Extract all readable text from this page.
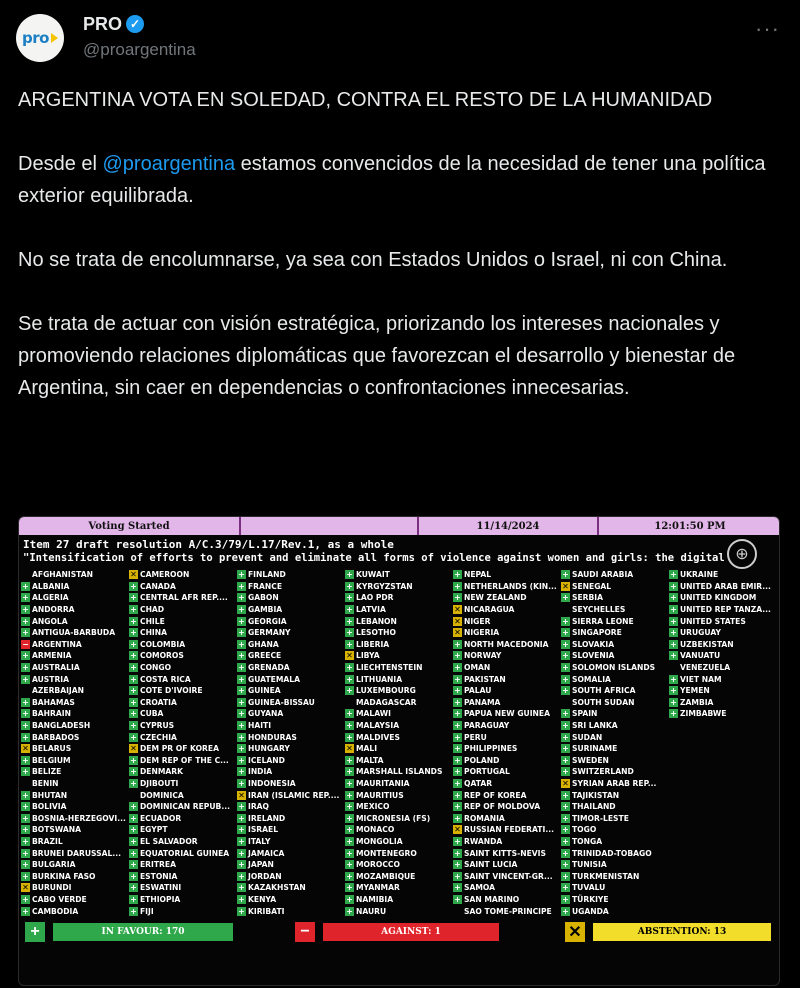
pro
PRO ✓
@proargentina
···

ARGENTINA VOTA EN SOLEDAD, CONTRA EL RESTO DE LA HUMANIDAD

Desde el @proargentina estamos convencidos de la necesidad de tener una política exterior equilibrada.

No se trata de encolumnarse, ya sea con Estados Unidos o Israel, ni con China.

Se trata de actuar con visión estratégica, priorizando los intereses nacionales y promoviendo relaciones diplomáticas que favorezcan el desarrollo y bienestar de Argentina, sin caer en dependencias o confrontaciones innecesarias.

Voting Started	11/14/2024	12:01:50 PM
Item 27 draft resolution A/C.3/79/L.17/Rev.1, as a whole
"Intensification of efforts to prevent and eliminate all forms of violence against women and girls: the digital ⊕
AFGHANISTAN
+ ALBANIA
+ ALGERIA
+ ANDORRA
+ ANGOLA
+ ANTIGUA-BARBUDA
− ARGENTINA
+ ARMENIA
+ AUSTRALIA
+ AUSTRIA
AZERBAIJAN
+ BAHAMAS
+ BAHRAIN
+ BANGLADESH
+ BARBADOS
✕ BELARUS
+ BELGIUM
+ BELIZE
BENIN
+ BHUTAN
+ BOLIVIA
+ BOSNIA-HERZEGOVI...
+ BOTSWANA
+ BRAZIL
+ BRUNEI DARUSSAL...
+ BULGARIA
+ BURKINA FASO
✕ BURUNDI
+ CABO VERDE
+ CAMBODIA
✕ CAMEROON
+ CANADA
+ CENTRAL AFR REP....
+ CHAD
+ CHILE
+ CHINA
+ COLOMBIA
+ COMOROS
+ CONGO
+ COSTA RICA
+ COTE D'IVOIRE
+ CROATIA
+ CUBA
+ CYPRUS
+ CZECHIA
✕ DEM PR OF KOREA
+ DEM REP OF THE C...
+ DENMARK
+ DJIBOUTI
DOMINICA
+ DOMINICAN REPUB...
+ ECUADOR
+ EGYPT
+ EL SALVADOR
+ EQUATORIAL GUINEA
+ ERITREA
+ ESTONIA
+ ESWATINI
+ ETHIOPIA
+ FIJI
+ FINLAND
+ FRANCE
+ GABON
+ GAMBIA
+ GEORGIA
+ GERMANY
+ GHANA
+ GREECE
+ GRENADA
+ GUATEMALA
+ GUINEA
+ GUINEA-BISSAU
+ GUYANA
+ HAITI
+ HONDURAS
+ HUNGARY
+ ICELAND
+ INDIA
+ INDONESIA
✕ IRAN (ISLAMIC REP....
+ IRAQ
+ IRELAND
+ ISRAEL
+ ITALY
+ JAMAICA
+ JAPAN
+ JORDAN
+ KAZAKHSTAN
+ KENYA
+ KIRIBATI
+ KUWAIT
+ KYRGYZSTAN
+ LAO PDR
+ LATVIA
+ LEBANON
+ LESOTHO
+ LIBERIA
✕ LIBYA
+ LIECHTENSTEIN
+ LITHUANIA
+ LUXEMBOURG
MADAGASCAR
+ MALAWI
+ MALAYSIA
+ MALDIVES
✕ MALI
+ MALTA
+ MARSHALL ISLANDS
+ MAURITANIA
+ MAURITIUS
+ MEXICO
+ MICRONESIA (FS)
+ MONACO
+ MONGOLIA
+ MONTENEGRO
+ MOROCCO
+ MOZAMBIQUE
+ MYANMAR
+ NAMIBIA
+ NAURU
+ NEPAL
+ NETHERLANDS (KIN...
+ NEW ZEALAND
✕ NICARAGUA
✕ NIGER
✕ NIGERIA
+ NORTH MACEDONIA
+ NORWAY
+ OMAN
+ PAKISTAN
+ PALAU
+ PANAMA
+ PAPUA NEW GUINEA
+ PARAGUAY
+ PERU
+ PHILIPPINES
+ POLAND
+ PORTUGAL
+ QATAR
+ REP OF KOREA
+ REP OF MOLDOVA
+ ROMANIA
✕ RUSSIAN FEDERATI...
+ RWANDA
+ SAINT KITTS-NEVIS
+ SAINT LUCIA
+ SAINT VINCENT-GR...
+ SAMOA
+ SAN MARINO
SAO TOME-PRINCIPE
+ SAUDI ARABIA
✕ SENEGAL
+ SERBIA
SEYCHELLES
+ SIERRA LEONE
+ SINGAPORE
+ SLOVAKIA
+ SLOVENIA
+ SOLOMON ISLANDS
+ SOMALIA
+ SOUTH AFRICA
SOUTH SUDAN
+ SPAIN
+ SRI LANKA
+ SUDAN
+ SURINAME
+ SWEDEN
+ SWITZERLAND
✕ SYRIAN ARAB REP...
+ TAJIKISTAN
+ THAILAND
+ TIMOR-LESTE
+ TOGO
+ TONGA
+ TRINIDAD-TOBAGO
+ TUNISIA
+ TURKMENISTAN
+ TUVALU
+ TÜRKIYE
+ UGANDA
+ UKRAINE
+ UNITED ARAB EMIR...
+ UNITED KINGDOM
+ UNITED REP TANZA...
+ UNITED STATES
+ URUGUAY
+ UZBEKISTAN
+ VANUATU
VENEZUELA
+ VIET NAM
+ YEMEN
+ ZAMBIA
+ ZIMBABWE
+	IN FAVOUR: 170	−	AGAINST: 1	✕	ABSTENTION: 13
